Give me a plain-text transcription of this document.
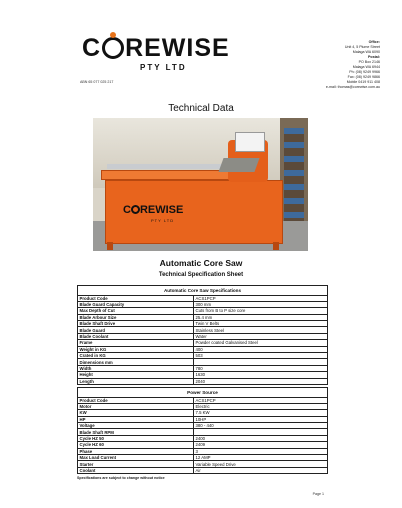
C REWISE
PTY LTD
Office:
Unit 4, 5 Plume Street
Malaga WA 6090
Postal:
PO Box 2146
Malaga WA 6944
Ph: (08) 9249 9966
Fax: (08) 9249 9866
Mobile 0419 911 408
e-mail: thomas@corewise.com.au
ABN 65 077 025 217
Technical Data
C REWISE
PTY LTD
Automatic Core Saw
Technical Specification Sheet
Automatic Core Saw Specifications	
Product Code	ACS1PCP
Blade Guard Capacity	300 mm
Max Depth of Cut	Cuts from B to P size core
Blade Arbour Size	25.4 mm
Blade Shaft Drive	Twin V Belts
Blade Guard	Stainless Steel
Blade Coolant	Water
Frame	Powder coated Galvanised Steel
Weight in KG	400
Crated in KG	503
Dimensions mm	
Width	780
Height	1630
Length	2040
Power Source	
Product Code	ACS1PCP
Motor	Electric
KW	7.5 KW
HP	10HP
Voltage	380 - 440
Blade Shaft RPM	
Cycle HZ 50	2400
Cycle HZ 60	2409
Phase	3
Max Load Current	12 AMP
Starter	Variable Speed Drive
Coolant	Air
Specifications are subject to change without notice
Page 1
